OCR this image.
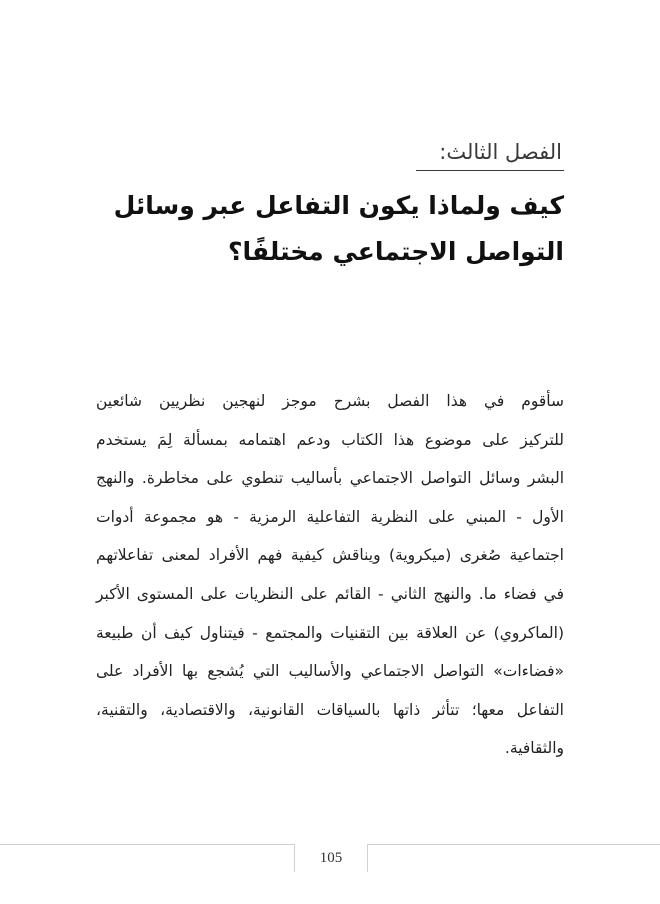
الفصل الثالث:
كيف ولماذا يكون التفاعل عبر وسائل
التواصل الاجتماعي مختلفًا؟

سأقوم في هذا الفصل بشرح موجز لنهجين نظريين شائعين
للتركيز على موضوع هذا الكتاب ودعم اهتمامه بمسألة لِمَ يستخدم
البشر وسائل التواصل الاجتماعي بأساليب تنطوي على مخاطرة. والنهج
الأول - المبني على النظرية التفاعلية الرمزية - هو مجموعة أدوات
اجتماعية صُغرى (ميكروية) ويناقش كيفية فهم الأفراد لمعنى تفاعلاتهم
في فضاء ما. والنهج الثاني - القائم على النظريات على المستوى الأكبر
(الماكروي) عن العلاقة بين التقنيات والمجتمع - فيتناول كيف أن طبيعة
«فضاءات» التواصل الاجتماعي والأساليب التي يُشجع بها الأفراد على
التفاعل معها؛ تتأثر ذاتها بالسياقات القانونية، والاقتصادية، والتقنية،
والثقافية.

105
